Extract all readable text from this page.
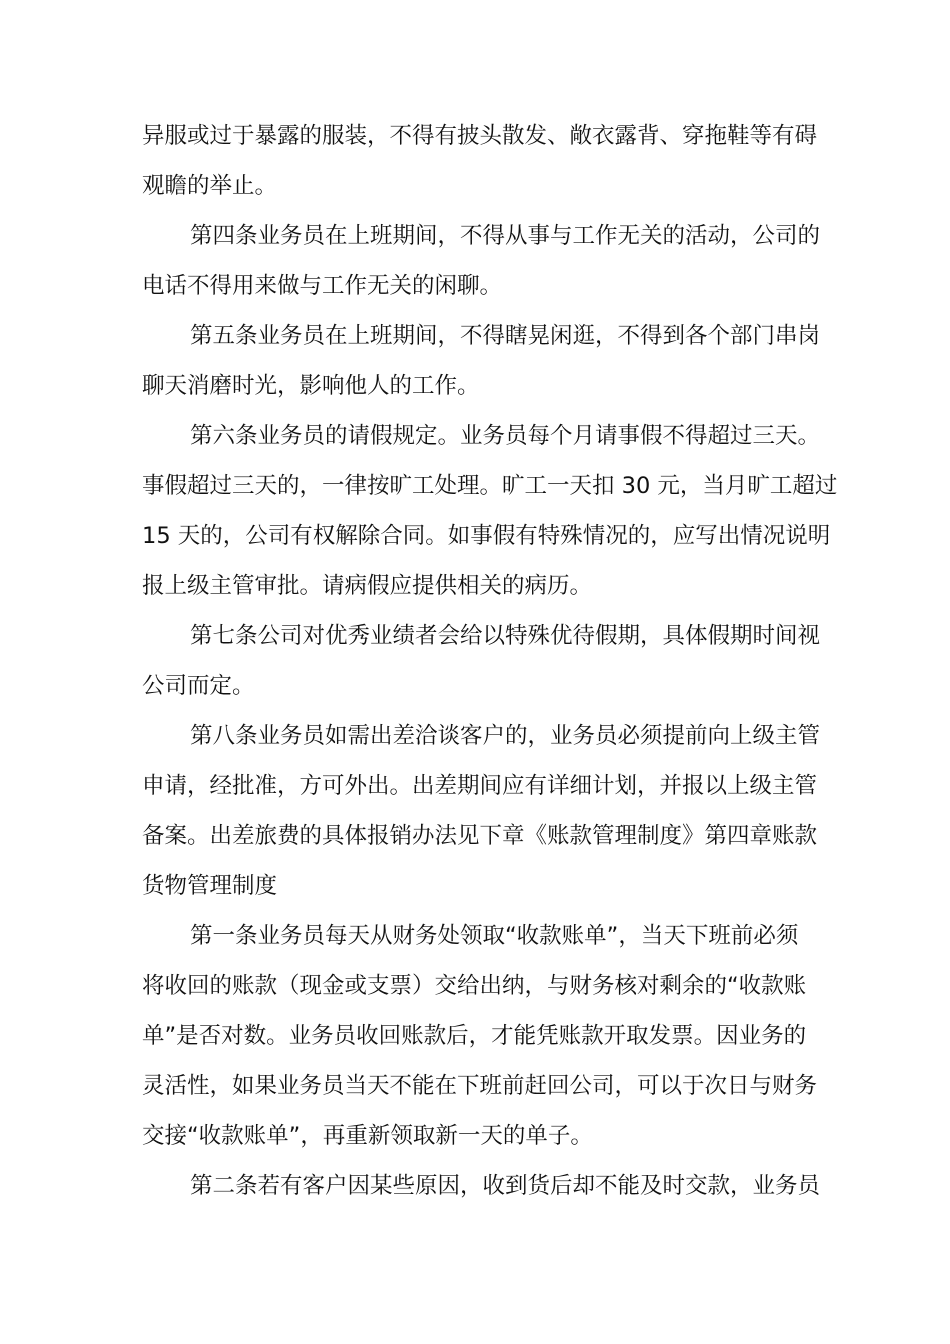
异服或过于暴露的服装，不得有披头散发、敞衣露背、穿拖鞋等有碍
观瞻的举止。
第四条业务员在上班期间，不得从事与工作无关的活动，公司的
电话不得用来做与工作无关的闲聊。
第五条业务员在上班期间，不得瞎晃闲逛，不得到各个部门串岗
聊天消磨时光，影响他人的工作。
第六条业务员的请假规定。业务员每个月请事假不得超过三天。
事假超过三天的，一律按旷工处理。旷工一天扣 30 元，当月旷工超过
15 天的，公司有权解除合同。如事假有特殊情况的，应写出情况说明
报上级主管审批。请病假应提供相关的病历。
第七条公司对优秀业绩者会给以特殊优待假期，具体假期时间视
公司而定。
第八条业务员如需出差洽谈客户的，业务员必须提前向上级主管
申请，经批准，方可外出。出差期间应有详细计划，并报以上级主管
备案。出差旅费的具体报销办法见下章《账款管理制度》第四章账款
货物管理制度
第一条业务员每天从财务处领取“收款账单”，当天下班前必须
将收回的账款（现金或支票）交给出纳，与财务核对剩余的“收款账
单”是否对数。业务员收回账款后，才能凭账款开取发票。因业务的
灵活性，如果业务员当天不能在下班前赶回公司，可以于次日与财务
交接“收款账单”，再重新领取新一天的单子。
第二条若有客户因某些原因，收到货后却不能及时交款，业务员
